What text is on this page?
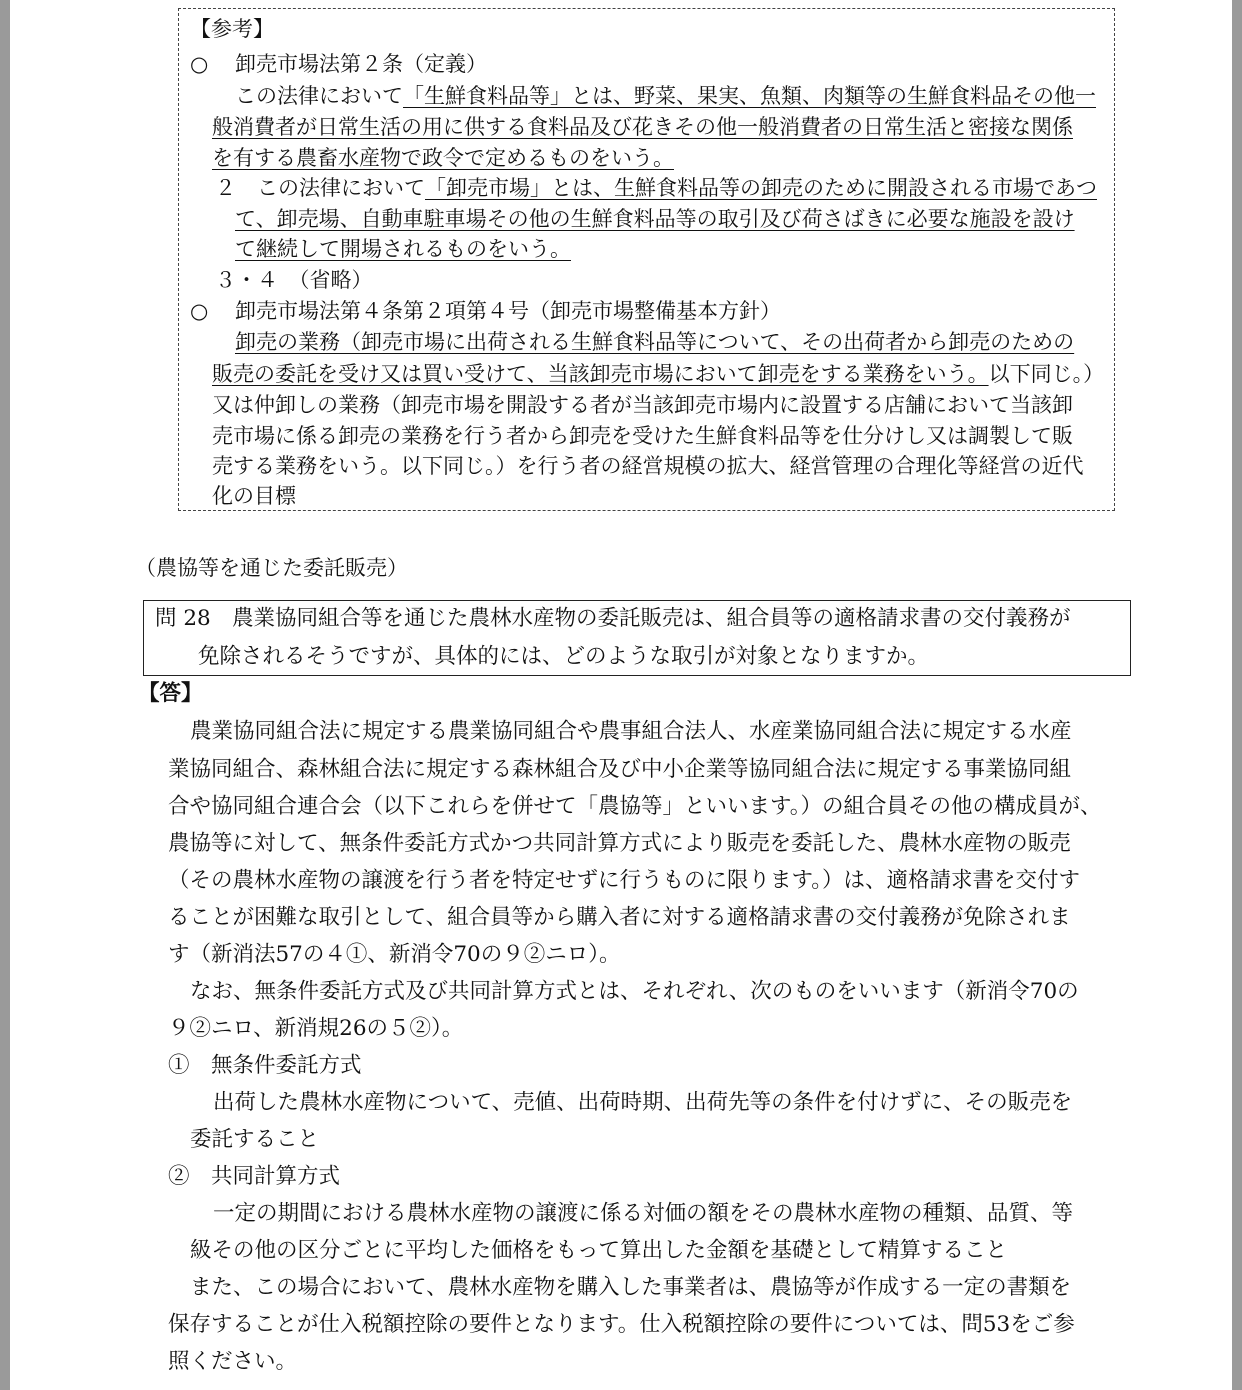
【参考】
○ 卸売市場法第２条（定義）
この法律において「生鮮食料品等」とは、野菜、果実、魚類、肉類等の生鮮食料品その他一
般消費者が日常生活の用に供する食料品及び花きその他一般消費者の日常生活と密接な関係
を有する農畜水産物で政令で定めるものをいう。
２　この法律において「卸売市場」とは、生鮮食料品等の卸売のために開設される市場であつ
て、卸売場、自動車駐車場その他の生鮮食料品等の取引及び荷さばきに必要な施設を設け
て継続して開場されるものをいう。
３・４　（省略）
○ 卸売市場法第４条第２項第４号（卸売市場整備基本方針）
卸売の業務（卸売市場に出荷される生鮮食料品等について、その出荷者から卸売のための
販売の委託を受け又は買い受けて、当該卸売市場において卸売をする業務をいう。以下同じ。）
又は仲卸しの業務（卸売市場を開設する者が当該卸売市場内に設置する店舗において当該卸
売市場に係る卸売の業務を行う者から卸売を受けた生鮮食料品等を仕分けし又は調製して販
売する業務をいう。以下同じ。）を行う者の経営規模の拡大、経営管理の合理化等経営の近代
化の目標
（農協等を通じた委託販売）
問 28 農業協同組合等を通じた農林水産物の委託販売は、組合員等の適格請求書の交付義務が
免除されるそうですが、具体的には、どのような取引が対象となりますか。
【答】
農業協同組合法に規定する農業協同組合や農事組合法人、水産業協同組合法に規定する水産
業協同組合、森林組合法に規定する森林組合及び中小企業等協同組合法に規定する事業協同組
合や協同組合連合会（以下これらを併せて「農協等」といいます。）の組合員その他の構成員が、
農協等に対して、無条件委託方式かつ共同計算方式により販売を委託した、農林水産物の販売
（その農林水産物の譲渡を行う者を特定せずに行うものに限ります。）は、適格請求書を交付す
ることが困難な取引として、組合員等から購入者に対する適格請求書の交付義務が免除されま
す（新消法57の４①、新消令70の９②ニロ）。
なお、無条件委託方式及び共同計算方式とは、それぞれ、次のものをいいます（新消令70の
９②ニロ、新消規26の５②）。
①　無条件委託方式
出荷した農林水産物について、売値、出荷時期、出荷先等の条件を付けずに、その販売を
委託すること
②　共同計算方式
一定の期間における農林水産物の譲渡に係る対価の額をその農林水産物の種類、品質、等
級その他の区分ごとに平均した価格をもって算出した金額を基礎として精算すること
また、この場合において、農林水産物を購入した事業者は、農協等が作成する一定の書類を
保存することが仕入税額控除の要件となります。仕入税額控除の要件については、問53をご参
照ください。
